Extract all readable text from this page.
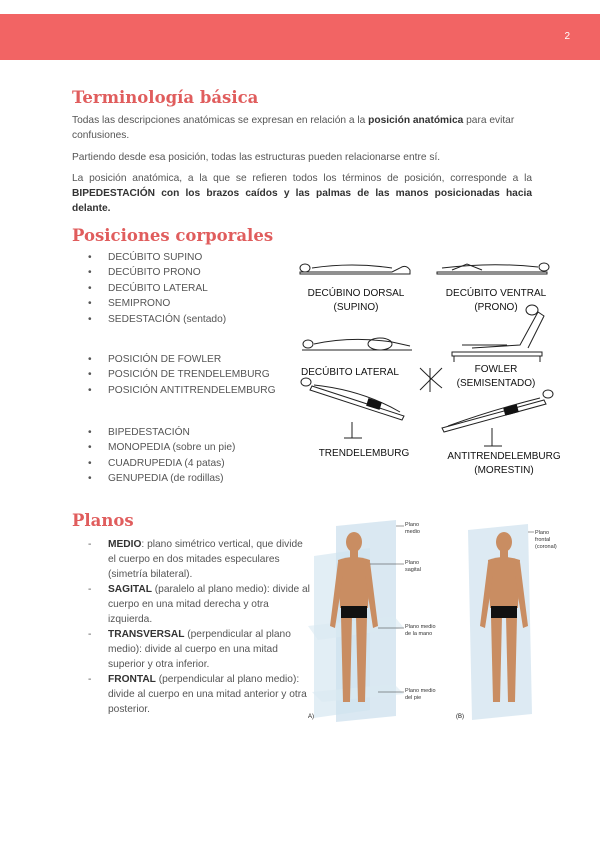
2
Terminología básica

Todas las descripciones anatómicas se expresan en relación a la posición anatómica para evitar confusiones.

Partiendo desde esa posición, todas las estructuras pueden relacionarse entre sí.

La posición anatómica, a la que se refieren todos los términos de posición, corresponde a la BIPEDESTACIÓN con los brazos caídos y las palmas de las manos posicionadas hacia delante.

Posiciones corporales
• DECÚBITO SUPINO
• DECÚBITO PRONO
• DECÚBITO LATERAL
• SEMIPRONO
• SEDESTACIÓN (sentado)
• POSICIÓN DE FOWLER
• POSICIÓN DE TRENDELEMBURG
• POSICIÓN ANTITRENDELEMBURG
• BIPEDESTACIÓN
• MONOPEDIA (sobre un pie)
• CUADRUPEDIA (4 patas)
• GENUPEDIA (de rodillas)
DECÚBINO DORSAL
(SUPINO)
DECÚBITO VENTRAL
(PRONO)
DECÚBITO LATERAL	FOWLER
(SEMISENTADO)
TRENDELEMBURG	ANTITRENDELEMBURG
(MORESTIN)
Planos
- MEDIO: plano simétrico vertical, que divide el cuerpo en dos mitades especulares (simetría bilateral).
- SAGITAL (paralelo al plano medio): divide al cuerpo en una mitad derecha y otra izquierda.
- TRANSVERSAL (perpendicular al plano medio): divide al cuerpo en una mitad superior y otra inferior.
- FRONTAL (perpendicular al plano medio): divide al cuerpo en una mitad anterior y otra posterior.
A)
Plano
medio
Plano
sagital
Plano medio
de la mano
Plano medio
del pie
(B)
Plano
frontal
(coronal)
